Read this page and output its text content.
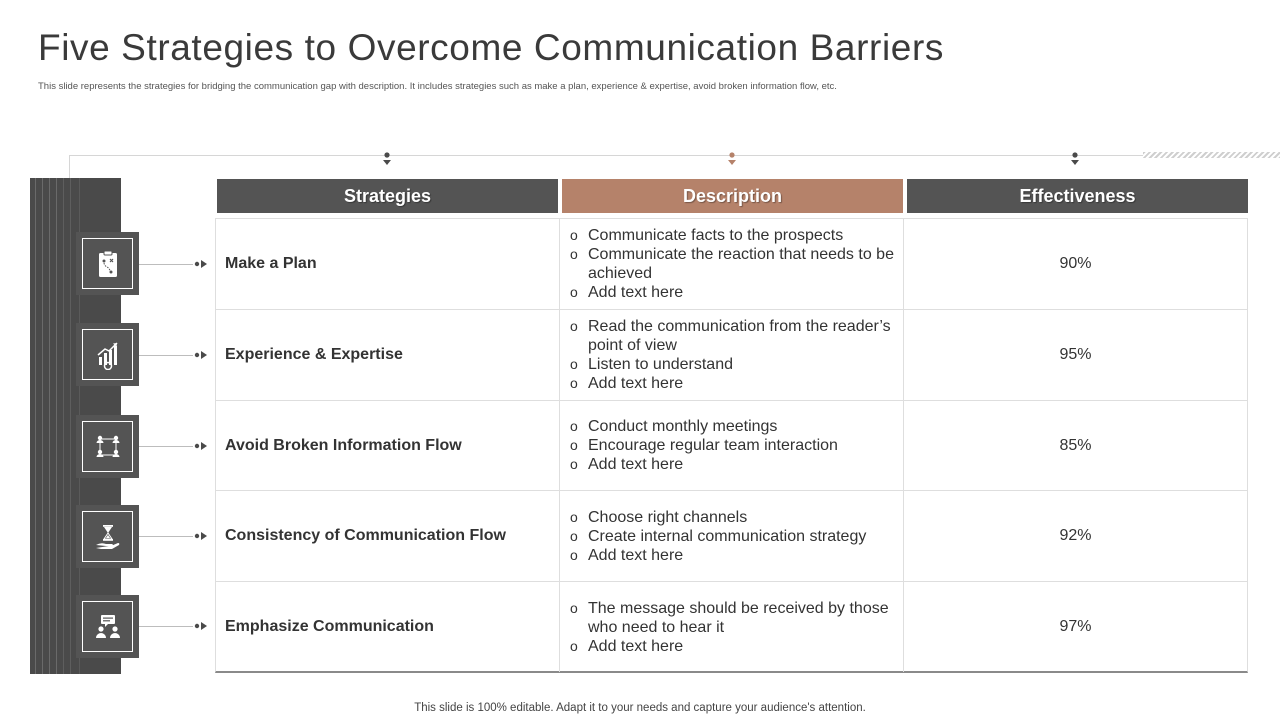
Five Strategies to Overcome Communication Barriers

This slide represents the strategies for bridging the communication gap with description. It includes strategies such as make a plan, experience & expertise, avoid broken information flow, etc.

Strategies	Description	Effectiveness
Make a Plan
o Communicate facts to the prospects
o Communicate the reaction that needs to be achieved
o Add text here
90%
Experience & Expertise
o Read the communication from the reader’s point of view
o Listen to understand
o Add text here
95%
Avoid Broken Information Flow
o Conduct monthly meetings
o Encourage regular team interaction
o Add text here
85%
Consistency of Communication Flow
o Choose right channels
o Create internal communication strategy
o Add text here
92%
Emphasize Communication
o The message should be received by those who need to hear it
o Add text here
97%

This slide is 100% editable. Adapt it to your needs and capture your audience's attention.
